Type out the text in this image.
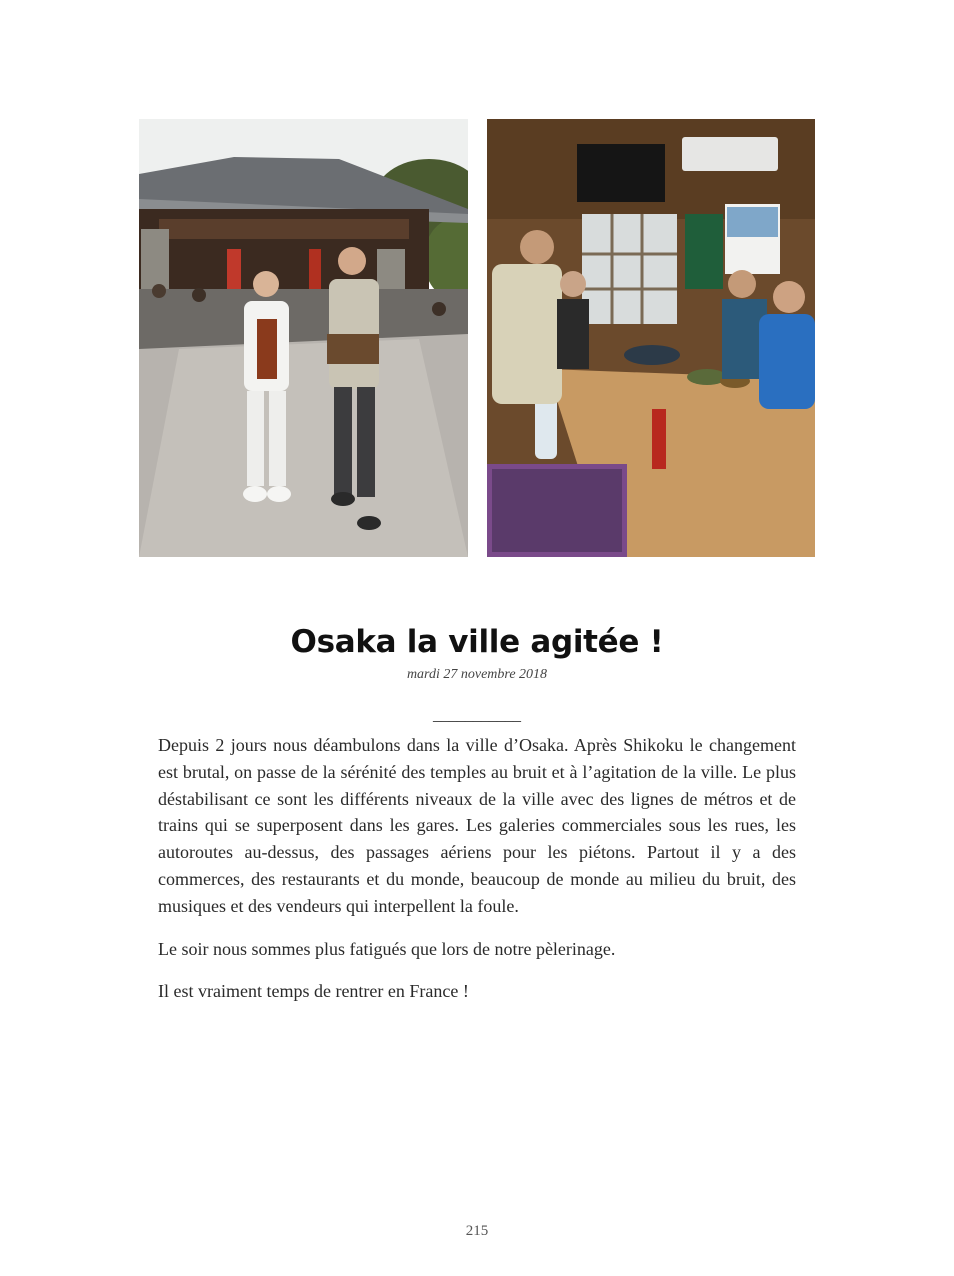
Osaka la ville agitée !
mardi 27 novembre 2018
___________

Depuis 2 jours nous déambulons dans la ville d’Osaka. Après Shikoku le changement est brutal, on passe de la sérénité des temples au bruit et à l’agitation de la ville. Le plus déstabilisant ce sont les différents niveaux de la ville avec des lignes de métros et de trains qui se superposent dans les gares. Les galeries commerciales sous les rues, les autoroutes au-dessus, des passages aériens pour les piétons. Partout il y a des commerces, des restaurants et du monde, beaucoup de monde au milieu du bruit, des musiques et des vendeurs qui interpellent la foule.

Le soir nous sommes plus fatigués que lors de notre pèlerinage.

Il est vraiment temps de rentrer en France !

215
